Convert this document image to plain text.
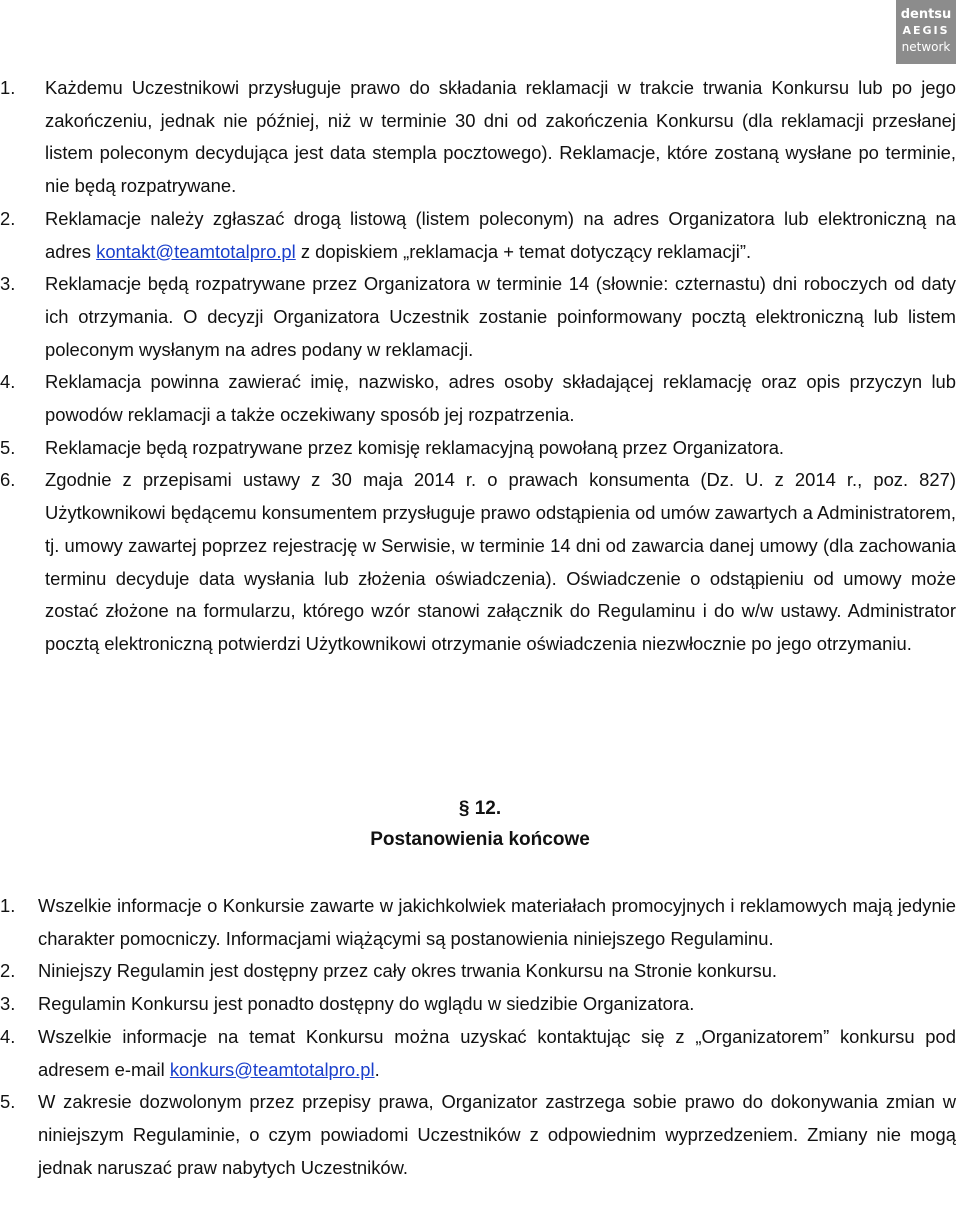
dentsu
AEGIS
network
1. Każdemu Uczestnikowi przysługuje prawo do składania reklamacji w trakcie trwania Konkursu lub po jego zakończeniu, jednak nie później, niż w terminie 30 dni od zakończenia Konkursu (dla reklamacji przesłanej listem poleconym decydująca jest data stempla pocztowego). Reklamacje, które zostaną wysłane po terminie, nie będą rozpatrywane.
2. Reklamacje należy zgłaszać drogą listową (listem poleconym) na adres Organizatora lub elektroniczną na adres kontakt@teamtotalpro.pl z dopiskiem „reklamacja + temat dotyczący reklamacji”.
3. Reklamacje będą rozpatrywane przez Organizatora w terminie 14 (słownie: czternastu) dni roboczych od daty ich otrzymania. O decyzji Organizatora Uczestnik zostanie poinformowany pocztą elektroniczną lub listem poleconym wysłanym na adres podany w reklamacji.
4. Reklamacja powinna zawierać imię, nazwisko, adres osoby składającej reklamację oraz opis przyczyn lub powodów reklamacji a także oczekiwany sposób jej rozpatrzenia.
5. Reklamacje będą rozpatrywane przez komisję reklamacyjną powołaną przez Organizatora.
6. Zgodnie z przepisami ustawy z 30 maja 2014 r. o prawach konsumenta (Dz. U. z 2014 r., poz. 827) Użytkownikowi będącemu konsumentem przysługuje prawo odstąpienia od umów zawartych a Administratorem, tj. umowy zawartej poprzez rejestrację w Serwisie, w terminie 14 dni od zawarcia danej umowy (dla zachowania terminu decyduje data wysłania lub złożenia oświadczenia). Oświadczenie o odstąpieniu od umowy może zostać złożone na formularzu, którego wzór stanowi załącznik do Regulaminu i do w/w ustawy. Administrator pocztą elektroniczną potwierdzi Użytkownikowi otrzymanie oświadczenia niezwłocznie po jego otrzymaniu.
§ 12.
Postanowienia końcowe
1. Wszelkie informacje o Konkursie zawarte w jakichkolwiek materiałach promocyjnych i reklamowych mają jedynie charakter pomocniczy. Informacjami wiążącymi są postanowienia niniejszego Regulaminu.
2. Niniejszy Regulamin jest dostępny przez cały okres trwania Konkursu na Stronie konkursu.
3. Regulamin Konkursu jest ponadto dostępny do wglądu w siedzibie Organizatora.
4. Wszelkie informacje na temat Konkursu można uzyskać kontaktując się z „Organizatorem” konkursu pod adresem e-mail konkurs@teamtotalpro.pl.
5. W zakresie dozwolonym przez przepisy prawa, Organizator zastrzega sobie prawo do dokonywania zmian w niniejszym Regulaminie, o czym powiadomi Uczestników z odpowiednim wyprzedzeniem. Zmiany nie mogą jednak naruszać praw nabytych Uczestników.
